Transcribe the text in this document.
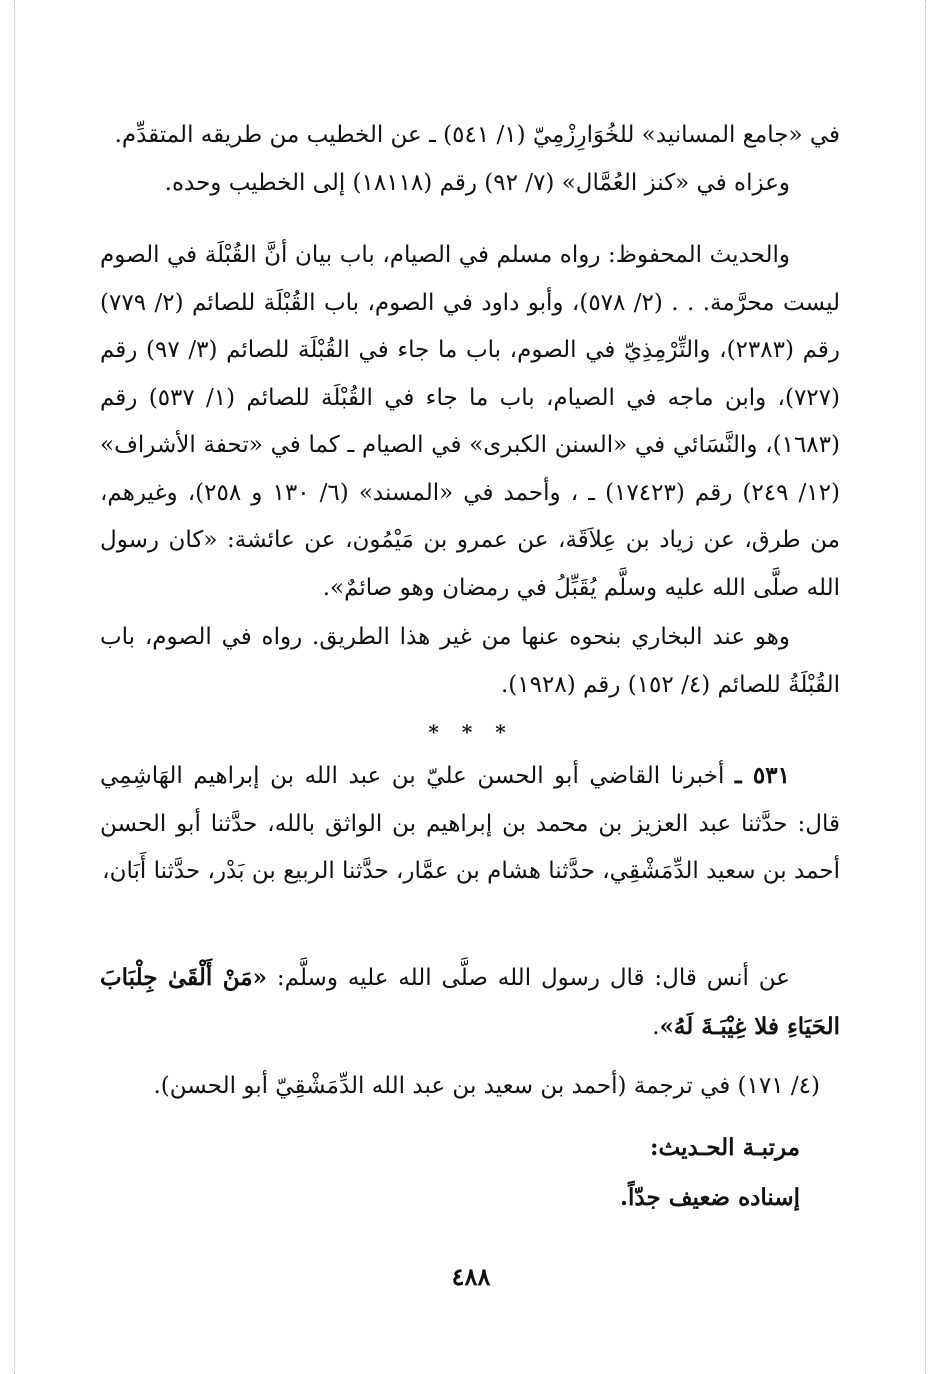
في «جامع المسانيد» للخُوَارِزْمِيّ (١/ ٥٤١) ـ عن الخطيب من طريقه المتقدِّم.

وعزاه في «كنز العُمَّال» (٧/ ٩٢) رقم (١٨١١٨) إلى الخطيب وحده.

والحديث المحفوظ: رواه مسلم في الصيام، باب بيان أنَّ القُبْلَة في الصوم ليست محرَّمة. . . (٢/ ٥٧٨)، وأبو داود في الصوم، باب القُبْلَة للصائم (٢/ ٧٧٩) رقم (٢٣٨٣)، والتِّرْمِذِيّ في الصوم، باب ما جاء في القُبْلَة للصائم (٣/ ٩٧) رقم (٧٢٧)، وابن ماجه في الصيام، باب ما جاء في القُبْلَة للصائم (١/ ٥٣٧) رقم (١٦٨٣)، والنَّسَائي في «السنن الكبرى» في الصيام ـ كما في «تحفة الأشراف» (١٢/ ٢٤٩) رقم (١٧٤٢٣) ـ ، وأحمد في «المسند» (٦/ ١٣٠ و ٢٥٨)، وغيرهم، من طرق، عن زياد بن عِلاَقَة، عن عمرو بن مَيْمُون، عن عائشة: «كان رسول الله صلَّى الله عليه وسلَّم يُقَبِّلُ في رمضان وهو صائمٌ».

وهو عند البخاري بنحوه عنها من غير هذا الطريق. رواه في الصوم، باب القُبْلَةُ للصائم (٤/ ١٥٢) رقم (١٩٢٨).

* * *

٥٣١ ـ أخبرنا القاضي أبو الحسن عليّ بن عبد الله بن إبراهيم الهَاشِمِي قال: حدَّثنا عبد العزيز بن محمد بن إبراهيم بن الواثق بالله، حدَّثنا أبو الحسن أحمد بن سعيد الدِّمَشْقِي، حدَّثنا هشام بن عمَّار، حدَّثنا الربيع بن بَدْر، حدَّثنا أَبَان،

عن أنس قال: قال رسول الله صلَّى الله عليه وسلَّم: «مَنْ أَلْقَىٰ جِلْبَابَ الحَيَاءِ فلا غِيْبَـةَ لَهُ».

(٤/ ١٧١) في ترجمة (أحمد بن سعيد بن عبد الله الدِّمَشْقِيّ أبو الحسن).
مرتبـة الحـديث:
إسناده ضعيف جدّاً.
٤٨٨
